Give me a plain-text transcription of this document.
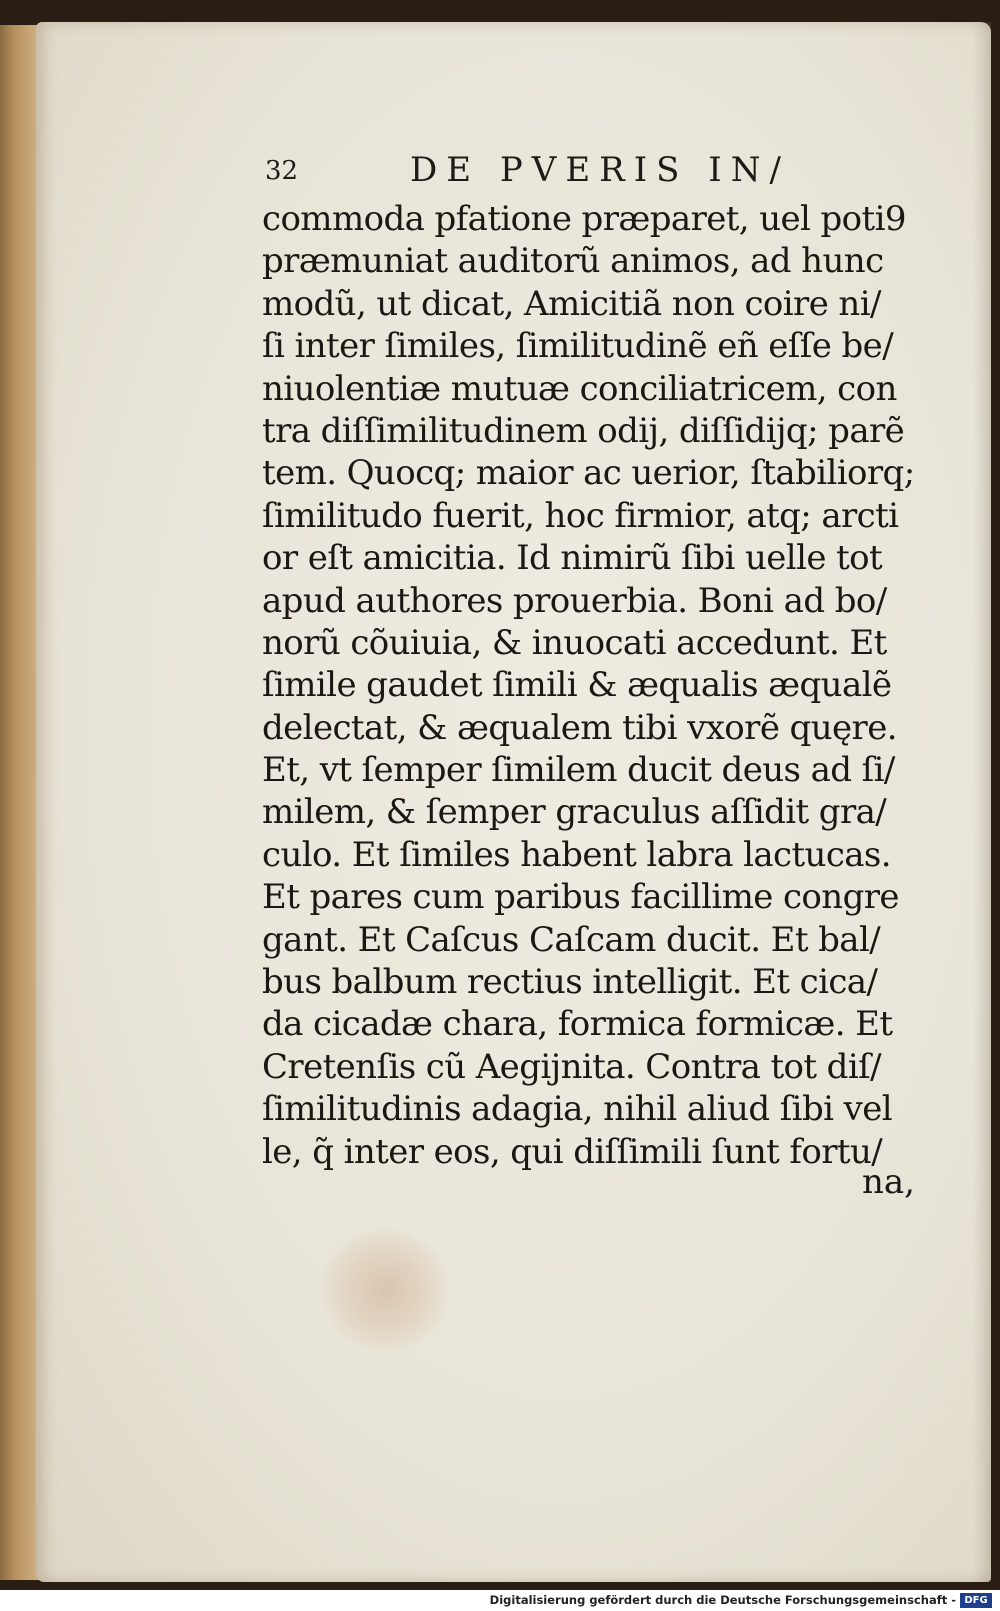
32	DE PVERIS IN/
commoda pfatione præparet, uel poti9
præmuniat auditorũ animos, ad hunc
modũ, ut dicat, Amicitiã non coire ni/
ſi inter ſimiles, ſimilitudinẽ eñ eſſe be/
niuolentiæ mutuæ conciliatricem, con
tra diſſimilitudinem odij, diſſidijq; parẽ
tem. Quocq; maior ac uerior, ſtabiliorq;
ſimilitudo fuerit, hoc firmior, atq; arcti
or eſt amicitia. Id nimirũ ſibi uelle tot
apud authores prouerbia. Boni ad bo/
norũ cõuiuia, & inuocati accedunt. Et
ſimile gaudet ſimili & æqualis æqualẽ
delectat, & æqualem tibi vxorẽ quęre.
Et, vt ſemper ſimilem ducit deus ad ſi/
milem, & ſemper graculus aſſidit gra/
culo. Et ſimiles habent labra lactucas.
Et pares cum paribus facillime congre
gant. Et Caſcus Caſcam ducit. Et bal/
bus balbum rectius intelligit. Et cica/
da cicadæ chara, formica formicæ. Et
Cretenſis cũ Aegijnita. Contra tot diſ/
ſimilitudinis adagia, nihil aliud ſibi vel
le, q̃ inter eos, qui diſſimili ſunt fortu/
na,
Digitalisierung gefördert durch die Deutsche Forschungsgemeinschaft - DFG
